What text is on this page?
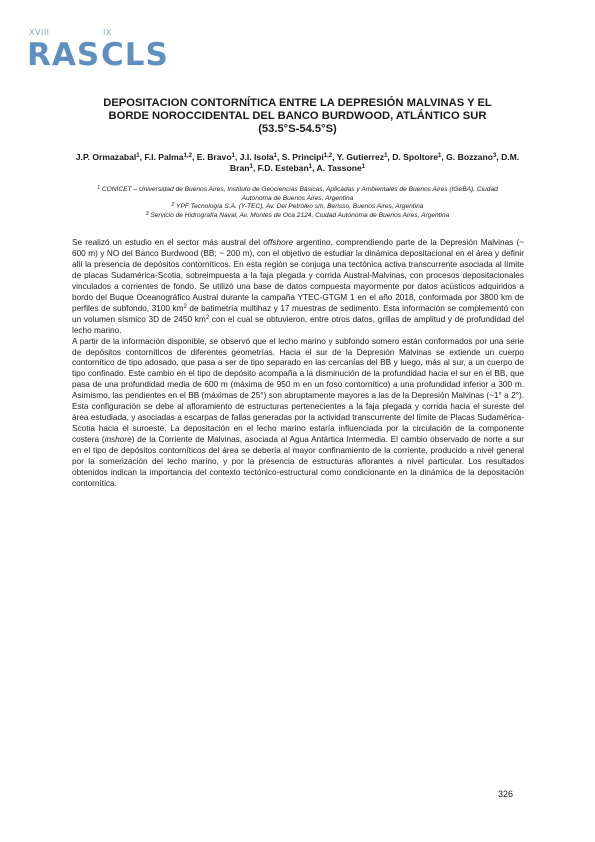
XVIII	IX
RAS CLS
DEPOSITACION CONTORNÍTICA ENTRE LA DEPRESIÓN MALVINAS Y EL
BORDE NOROCCIDENTAL DEL BANCO BURDWOOD, ATLÁNTICO SUR
(53.5°S-54.5°S)
J.P. Ormazabal$^1$, F.I. Palma$^{1,2}$, E. Bravo$^1$, J.I. Isola$^1$, S. Principi$^{1,2}$, Y. Gutierrez$^1$, D. Spoltore$^1$, G. Bozzano$^3$, D.M. Bran$^1$, F.D. Esteban$^1$, A. Tassone$^1$
$^1$ CONICET – Universidad de Buenos Aires, Instituto de Geociencias Básicas, Aplicadas y Ambientales de Buenos Aires (IGeBA), Ciudad Autónoma de Buenos Aires, Argentina
$^2$ YPF Tecnología S.A. (Y-TEC), Av. Del Petróleo s/n, Berisso, Buenos Aires, Argentina
$^3$ Servicio de Hidrografía Naval, Av. Montes de Oca 2124, Ciudad Autónoma de Buenos Aires, Argentina

Se realizó un estudio en el sector más austral del offshore argentino, comprendiendo parte de la Depresión Malvinas (~ 600 m) y NO del Banco Burdwood (BB; ~ 200 m), con el objetivo de estudiar la dinámica depositacional en el área y definir allí la presencia de depósitos contorníticos. En esta región se conjuga una tectónica activa transcurrente asociada al límite de placas Sudamérica-Scotia, sobreimpuesta a la faja plegada y corrida Austral-Malvinas, con procesos depositacionales vinculados a corrientes de fondo. Se utilizó una base de datos compuesta mayormente por datos acústicos adquiridos a bordo del Buque Oceanográfico Austral durante la campaña YTEC-GTGM 1 en el año 2018, conformada por 3800 km de perfiles de subfondo, 3100 $km^2$ de batimetría multihaz y 17 muestras de sedimento. Esta información se complementó con un volumen sísmico 3D de 2450 $km^2$ con el cual se obtuvieron, entre otros datos, grillas de amplitud y de profundidad del lecho marino.

A partir de la información disponible, se observó que el lecho marino y subfondo somero están conformados por una serie de depósitos contorníticos de diferentes geometrías. Hacia el sur de la Depresión Malvinas se extiende un cuerpo contornítico de tipo adosado, que pasa a ser de tipo separado en las cercanías del BB y luego, más al sur, a un cuerpo de tipo confinado. Este cambio en el tipo de depósito acompaña a la disminución de la profundidad hacia el sur en el BB, que pasa de una profundidad media de 600 m (máxima de 950 m en un foso contornítico) a una profundidad inferior a 300 m. Asimismo, las pendientes en el BB (máximas de 25°) son abruptamente mayores a las de la Depresión Malvinas (~1° a 2°). Esta configuración se debe al afloramiento de estructuras pertenecientes a la faja plegada y corrida hacia el sureste del área estudiada, y asociadas a escarpas de fallas generadas por la actividad transcurrente del límite de Placas Sudamérica-Scotia hacia el suroeste. La depositación en el lecho marino estaría influenciada por la circulación de la componente costera (inshore) de la Corriente de Malvinas, asociada al Agua Antártica Intermedia. El cambio observado de norte a sur en el tipo de depósitos contorníticos del área se debería al mayor confinamiento de la corriente, producido a nivel general por la somerización del lecho marino, y por la presencia de estructuras aflorantes a nivel particular. Los resultados obtenidos indican la importancia del contexto tectónico-estructural como condicionante en la dinámica de la depositación contornítica.

326
